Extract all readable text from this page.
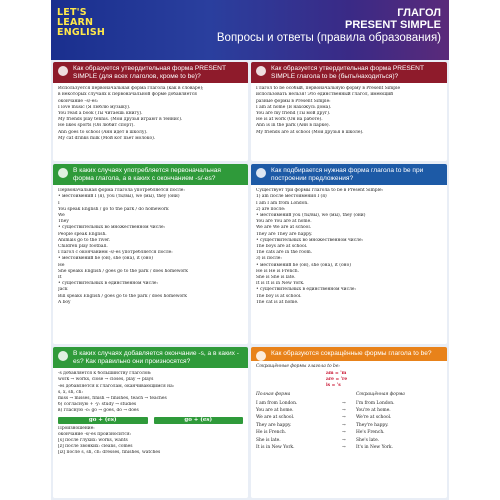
LET'S
LEARN
ENGLISH
ГЛАГОЛ
PRESENT SIMPLE
Вопросы и ответы (правила образования)
Как образуется утвердительная форма PRESENT SIMPLE (для всех глаголов, кроме to be)?
Используется первоначальная форма глагола (как в словаре);
в некоторых случаях к первоначальной форме добавляется
окончание –s/-es:
I love music (Я люблю музыку).
You read a book (Ты читаешь книгу).
My friends play tennis. (Мои друзья играют в теннис).
He likes sports (Он любит спорт).
Ann goes to school (Анн идет в школу).
My cat drinks milk (Мой кот пьет молоко).
Как образуется утвердительная форма PRESENT SIMPLE глагола to be (быть/находиться)?
Глагол to be особый, первоначальную форму в Present Simple
использовать нельзя! Это единственный глагол, имеющий
разные формы в Present Simple:
I am at home (Я нахожусь дома).
You are my friend (Ты мой друг).
He is at work (Он на работе).
Ann is in the park (Анн в парке).
My friends are at school (Мои друзья в школе).
В каких случаях употребляется первоначальная форма глагола, а в каких с окончанием -s/-es?
Первоначальная форма глагола употребляется после:
• местоимений I (я), you (ты/вы), we (мы), they (они)
I
You speak English / go to the park / do homework
We
They
• существительных во множественном числе:
People speak English.
Animals go to the river.
Children play football.
Глагол с окончанием -s/-es употребляется после:
• местоимений he (он), she (она), it (оно)
He
She speaks English / goes go to the park / does homework
It
• существительных в единственном числе:
Jack
Bill speaks English / goes go to the park / does homework
A boy
Как подбирается нужная форма глагола to be при построении предложения?
Существует три формы глагола to be в Present Simple:
1) am после местоимения I (я)
I am I am from London.
2) are после:
• местоимений you (ты/вы), we (мы), they (они)
You are You are at home.
We are We are at school.
They are They are happy.
• существительных во множественном числе:
The boys are at school.
The cats are in the room.
3) is после:
• местоимений he (он), she (она), it (оно)
He is He is French.
She is She is late.
It is It is in New York.
• существительных в единственном числе:
The boy is at school.
The cat is at home.
В каких случаях добавляется окончание -s, а в каких -es? Как правильно они произносятся?
-s добавляется к большинству глаголов:
work → works, close → closes, play → plays
-es добавляется к глаголам, оканчивающимся на:
s, x, sh, ch:
miss → misses, finish → finishes, teach → teaches
б) согласную + -y: study → studies
в) гласную -o: go → goes, do → does
go + (es)	go + (es)
Произношение:
окончание -s/-es произносится:
[s] после глухих: works, wants
[z] после звонких: cleans, comes
[iz] после s, sh, ch: dresses, finishes, watches
Как образуются сокращённые формы глагола to be?
Сокращённые формы глагола to be:
am = 'm
are = 're
is = 's
Полная форма	Сокращённая форма
I am from London.	→	I'm from London.
You are at home.	→	You're at home.
We are at school.	→	We're at school.
They are happy.	→	They're happy.
He is French.	→	He's French.
She is late.	→	She's late.
It is in New York.	→	It's in New York.
